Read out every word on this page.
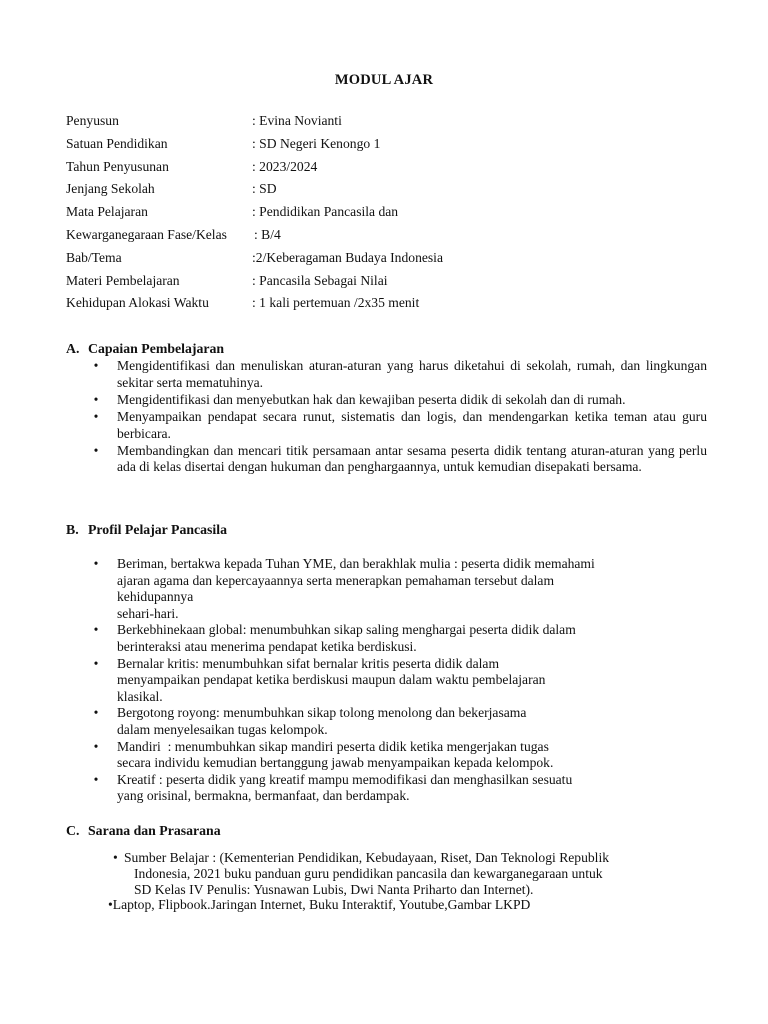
MODUL AJAR
Penyusun	: Evina Novianti
Satuan Pendidikan	: SD Negeri Kenongo 1
Tahun Penyusunan	: 2023/2024
Jenjang Sekolah	: SD
Mata Pelajaran	: Pendidikan Pancasila dan
Kewarganegaraan Fase/Kelas : B/4
Bab/Tema	:2/Keberagaman Budaya Indonesia
Materi Pembelajaran	: Pancasila Sebagai Nilai
Kehidupan Alokasi Waktu	: 1 kali pertemuan /2x35 menit
A. Capaian Pembelajaran
• Mengidentifikasi dan menuliskan aturan-aturan yang harus diketahui di sekolah, rumah, dan lingkungan sekitar serta mematuhinya.
• Mengidentifikasi dan menyebutkan hak dan kewajiban peserta didik di sekolah dan di rumah.
• Menyampaikan pendapat secara runut, sistematis dan logis, dan mendengarkan ketika teman atau guru berbicara.
• Membandingkan dan mencari titik persamaan antar sesama peserta didik tentang aturan-aturan yang perlu ada di kelas disertai dengan hukuman dan penghargaannya, untuk kemudian disepakati bersama.
B. Profil Pelajar Pancasila
• Beriman, bertakwa kepada Tuhan YME, dan berakhlak mulia : peserta didik memahami
ajaran agama dan kepercayaannya serta menerapkan pemahaman tersebut dalam
kehidupannya
sehari-hari.
• Berkebhinekaan global: menumbuhkan sikap saling menghargai peserta didik dalam
berinteraksi atau menerima pendapat ketika berdiskusi.
• Bernalar kritis: menumbuhkan sifat bernalar kritis peserta didik dalam
menyampaikan pendapat ketika berdiskusi maupun dalam waktu pembelajaran
klasikal.
• Bergotong royong: menumbuhkan sikap tolong menolong dan bekerjasama
dalam menyelesaikan tugas kelompok.
• Mandiri  : menumbuhkan sikap mandiri peserta didik ketika mengerjakan tugas
secara individu kemudian bertanggung jawab menyampaikan kepada kelompok.
• Kreatif : peserta didik yang kreatif mampu memodifikasi dan menghasilkan sesuatu
yang orisinal, bermakna, bermanfaat, dan berdampak.
C. Sarana dan Prasarana
• Sumber Belajar : (Kementerian Pendidikan, Kebudayaan, Riset, Dan Teknologi Republik
Indonesia, 2021 buku panduan guru pendidikan pancasila dan kewarganegaraan untuk
SD Kelas IV Penulis: Yusnawan Lubis, Dwi Nanta Priharto dan Internet).
•Laptop, Flipbook.Jaringan Internet, Buku Interaktif, Youtube,Gambar LKPD
